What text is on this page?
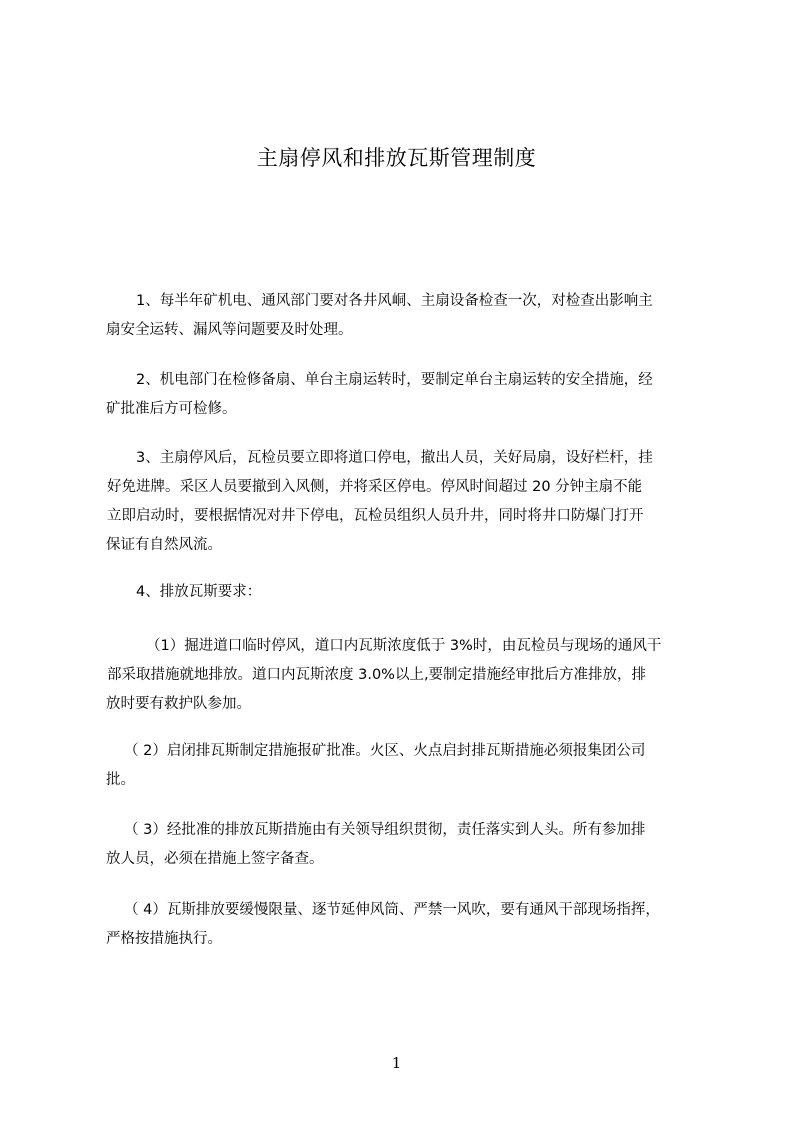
主扇停风和排放瓦斯管理制度
1、每半年矿机电、通风部门要对各井风峒、主扇设备检查一次，对检查出影响主
扇安全运转、漏风等问题要及时处理。
2、机电部门在检修备扇、单台主扇运转时，要制定单台主扇运转的安全措施，经
矿批准后方可检修。
3、主扇停风后，瓦检员要立即将道口停电，撤出人员，关好局扇，设好栏杆，挂
好免进牌。采区人员要撤到入风侧，并将采区停电。停风时间超过 20 分钟主扇不能
立即启动时，要根据情况对井下停电，瓦检员组织人员升井，同时将井口防爆门打开
保证有自然风流。
4、排放瓦斯要求：
（1）掘进道口临时停风，道口内瓦斯浓度低于 3%时，由瓦检员与现场的通风干
部采取措施就地排放。道口内瓦斯浓度 3.0%以上,要制定措施经审批后方准排放，排
放时要有救护队参加。
（ 2）启闭排瓦斯制定措施报矿批准。火区、火点启封排瓦斯措施必须报集团公司
批。
（ 3）经批准的排放瓦斯措施由有关领导组织贯彻，责任落实到人头。所有参加排
放人员，必须在措施上签字备查。
（ 4）瓦斯排放要缓慢限量、逐节延伸风筒、严禁一风吹，要有通风干部现场指挥，
严格按措施执行。
1
